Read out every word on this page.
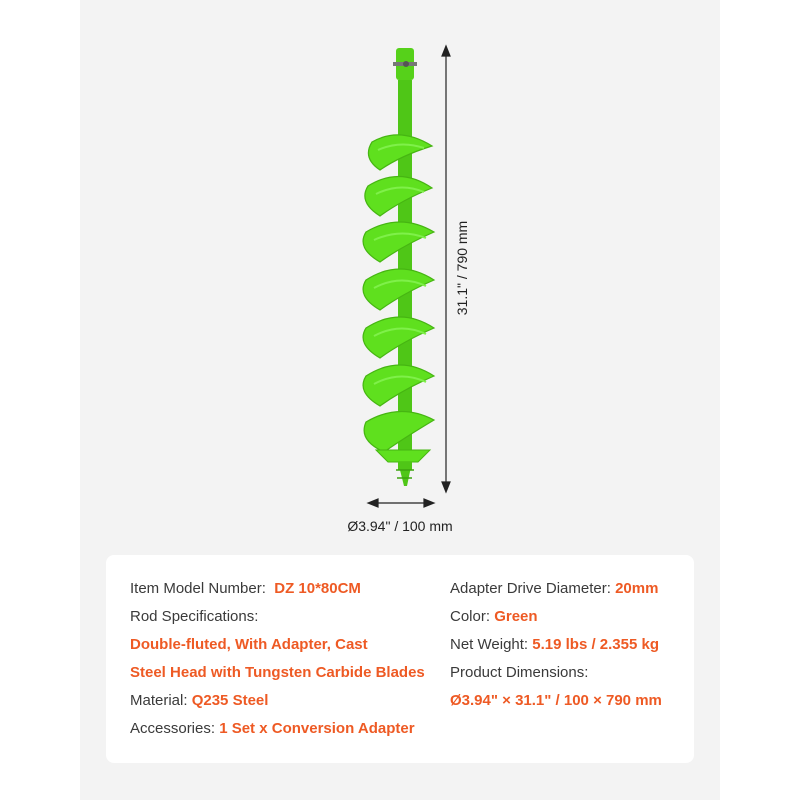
31.1" / 790 mm
Ø3.94" / 100 mm
Item Model Number: DZ 10*80CM
Rod Specifications:
Double-fluted, With Adapter, Cast
Steel Head with Tungsten Carbide Blades
Material: Q235 Steel
Accessories: 1 Set x Conversion Adapter
Adapter Drive Diameter: 20mm
Color: Green
Net Weight: 5.19 lbs / 2.355 kg
Product Dimensions:
Ø3.94" × 31.1" / 100 × 790 mm
